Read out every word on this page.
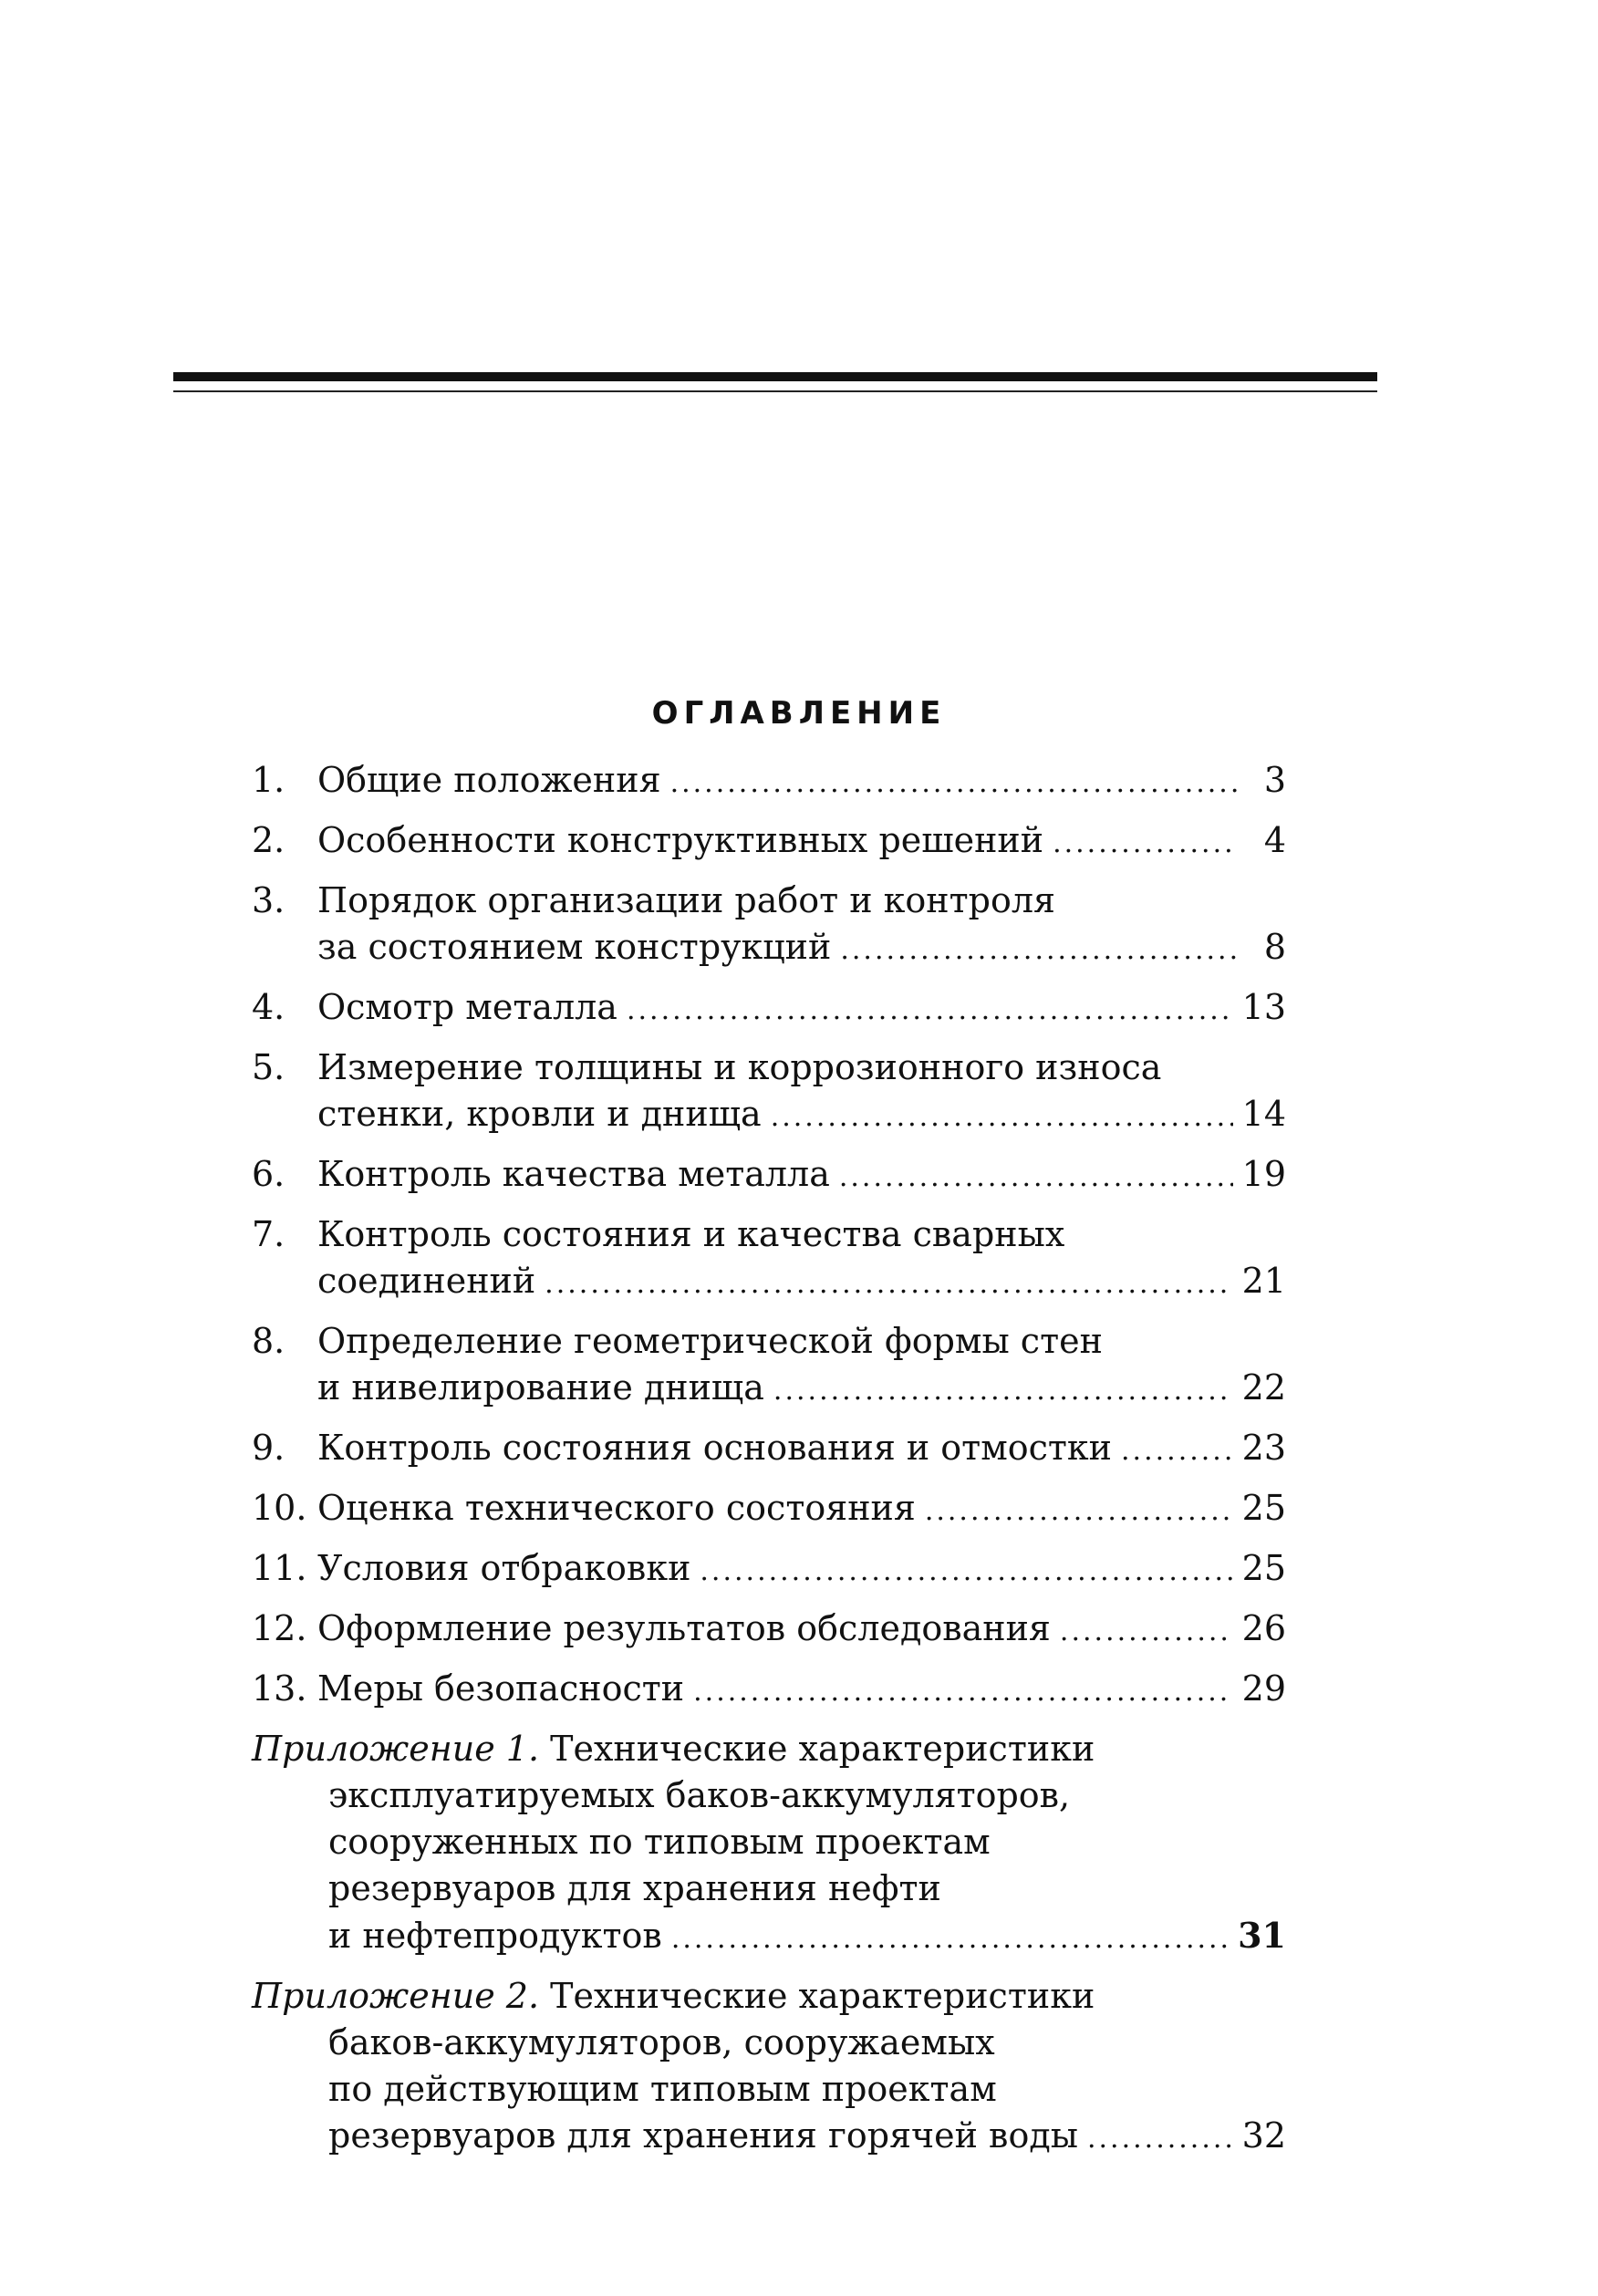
ОГЛАВЛЕНИЕ
1. Общие положения .....	3
2. Особенности конструктивных решений .....	4
3. Порядок организации работ и контроля
за состоянием конструкций .....	8
4. Осмотр металла .....	13
5. Измерение толщины и коррозионного износа
стенки, кровли и днища .....	14
6. Контроль качества металла .....	19
7. Контроль состояния и качества сварных
соединений .....	21
8. Определение геометрической формы стен
и нивелирование днища .....	22
9. Контроль состояния основания и отмостки .....	23
10. Оценка технического состояния .....	25
11. Условия отбраковки .....	25
12. Оформление результатов обследования .....	26
13. Меры безопасности .....	29
Приложение 1. Технические характеристики
эксплуатируемых баков-аккумуляторов,
сооруженных по типовым проектам
резервуаров для хранения нефти
и нефтепродуктов .....	31
Приложение 2. Технические характеристики
баков-аккумуляторов, сооружаемых
по действующим типовым проектам
резервуаров для хранения горячей воды .....	32
